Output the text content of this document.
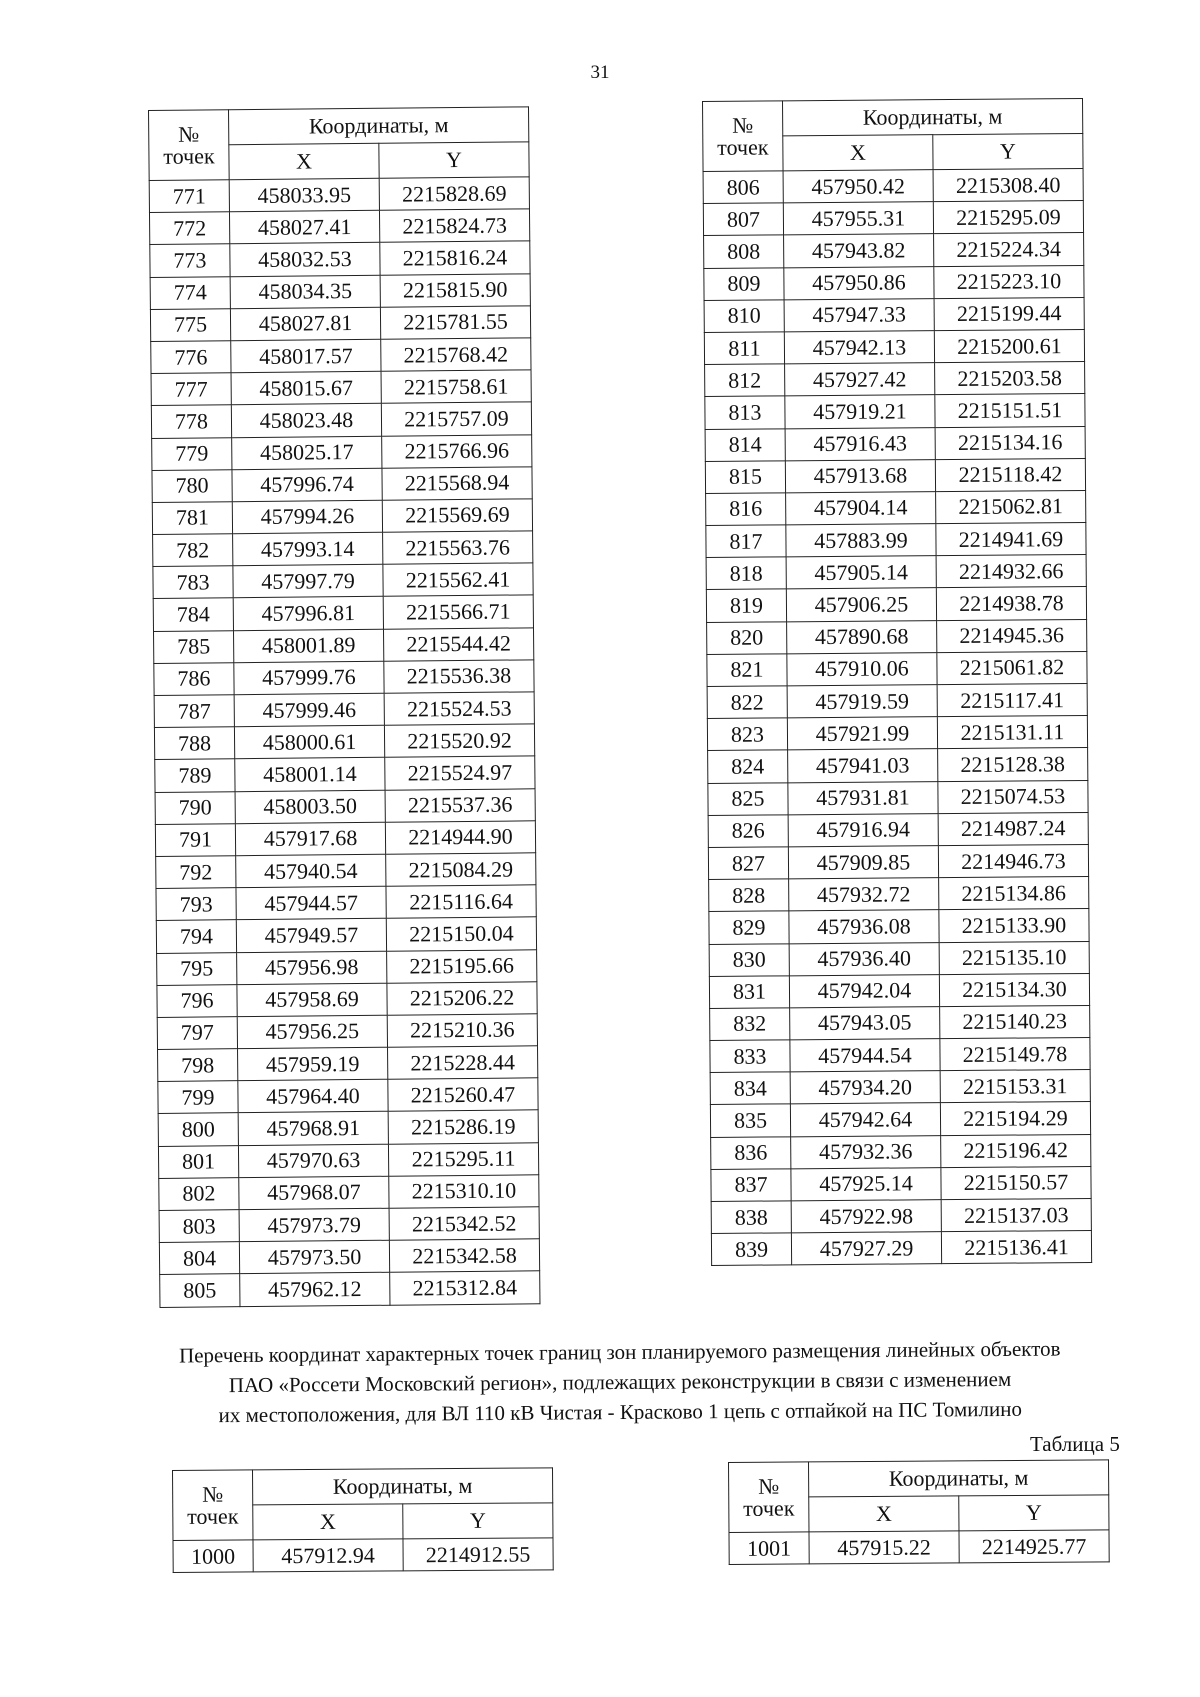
31
№
точек	Координаты, м	
	X	Y
771	458033.95	2215828.69
772	458027.41	2215824.73
773	458032.53	2215816.24
774	458034.35	2215815.90
775	458027.81	2215781.55
776	458017.57	2215768.42
777	458015.67	2215758.61
778	458023.48	2215757.09
779	458025.17	2215766.96
780	457996.74	2215568.94
781	457994.26	2215569.69
782	457993.14	2215563.76
783	457997.79	2215562.41
784	457996.81	2215566.71
785	458001.89	2215544.42
786	457999.76	2215536.38
787	457999.46	2215524.53
788	458000.61	2215520.92
789	458001.14	2215524.97
790	458003.50	2215537.36
791	457917.68	2214944.90
792	457940.54	2215084.29
793	457944.57	2215116.64
794	457949.57	2215150.04
795	457956.98	2215195.66
796	457958.69	2215206.22
797	457956.25	2215210.36
798	457959.19	2215228.44
799	457964.40	2215260.47
800	457968.91	2215286.19
801	457970.63	2215295.11
802	457968.07	2215310.10
803	457973.79	2215342.52
804	457973.50	2215342.58
805	457962.12	2215312.84
№
точек	Координаты, м	
	X	Y
806	457950.42	2215308.40
807	457955.31	2215295.09
808	457943.82	2215224.34
809	457950.86	2215223.10
810	457947.33	2215199.44
811	457942.13	2215200.61
812	457927.42	2215203.58
813	457919.21	2215151.51
814	457916.43	2215134.16
815	457913.68	2215118.42
816	457904.14	2215062.81
817	457883.99	2214941.69
818	457905.14	2214932.66
819	457906.25	2214938.78
820	457890.68	2214945.36
821	457910.06	2215061.82
822	457919.59	2215117.41
823	457921.99	2215131.11
824	457941.03	2215128.38
825	457931.81	2215074.53
826	457916.94	2214987.24
827	457909.85	2214946.73
828	457932.72	2215134.86
829	457936.08	2215133.90
830	457936.40	2215135.10
831	457942.04	2215134.30
832	457943.05	2215140.23
833	457944.54	2215149.78
834	457934.20	2215153.31
835	457942.64	2215194.29
836	457932.36	2215196.42
837	457925.14	2215150.57
838	457922.98	2215137.03
839	457927.29	2215136.41
Перечень координат характерных точек границ зон планируемого размещения линейных объектов
ПАО «Россети Московский регион», подлежащих реконструкции в связи с изменением
их местоположения, для ВЛ 110 кВ Чистая - Красково 1 цепь с отпайкой на ПС Томилино
Таблица 5
№
точек	Координаты, м	
	X	Y
1000	457912.94	2214912.55
№
точек	Координаты, м	
	X	Y
1001	457915.22	2214925.77
